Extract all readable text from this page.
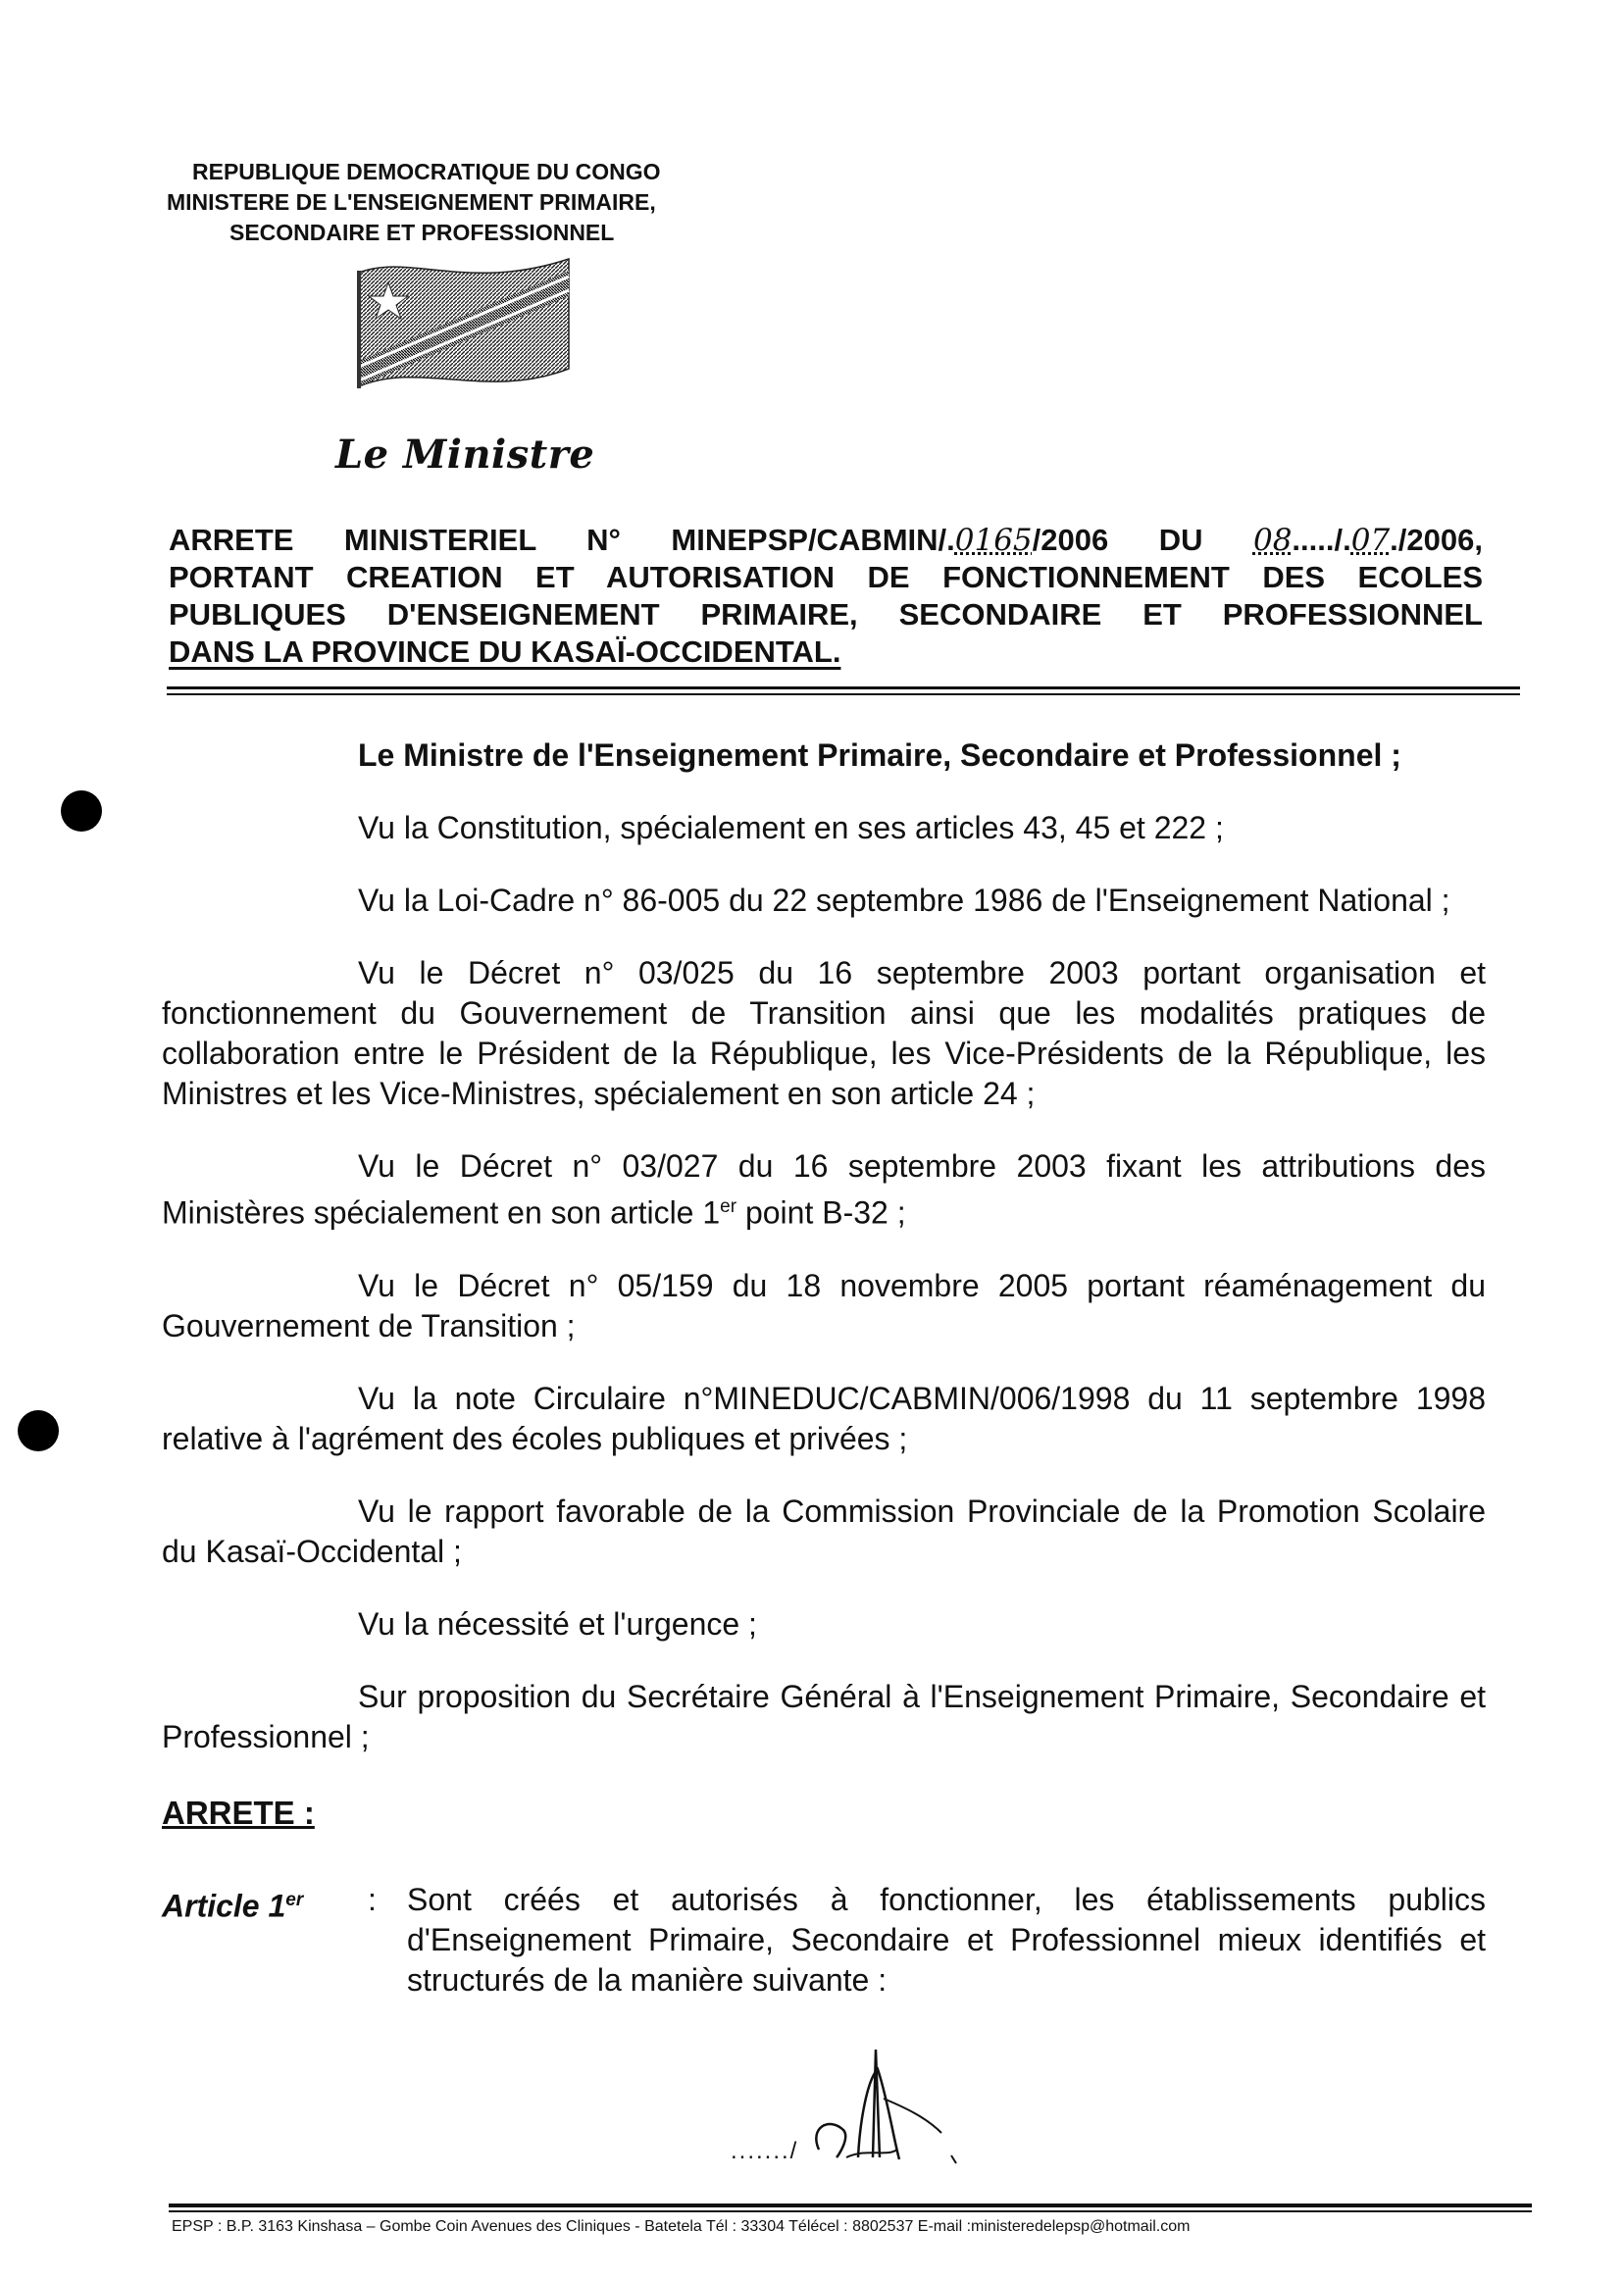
REPUBLIQUE DEMOCRATIQUE DU CONGO
MINISTERE DE L'ENSEIGNEMENT PRIMAIRE,
SECONDAIRE ET PROFESSIONNEL
Le Ministre
ARRETE MINISTERIEL N° MINEPSP/CABMIN/.0165/2006 DU 08...../.07./2006,
PORTANT CREATION ET AUTORISATION DE FONCTIONNEMENT DES ECOLES
PUBLIQUES D'ENSEIGNEMENT PRIMAIRE, SECONDAIRE ET PROFESSIONNEL
DANS LA PROVINCE DU KASAÏ-OCCIDENTAL.

Le Ministre de l'Enseignement Primaire, Secondaire et Professionnel ;

Vu la Constitution, spécialement en ses articles 43, 45 et 222 ;

Vu la Loi-Cadre n° 86-005 du 22 septembre 1986 de l'Enseignement National ;

Vu le Décret n° 03/025 du 16 septembre 2003 portant organisation et fonctionnement du Gouvernement de Transition ainsi que les modalités pratiques de collaboration entre le Président de la République, les Vice-Présidents de la République, les Ministres et les Vice-Ministres, spécialement en son article 24 ;

Vu le Décret n° 03/027 du 16 septembre 2003 fixant les attributions des Ministères spécialement en son article 1er point B-32 ;

Vu le Décret n° 05/159 du 18 novembre 2005 portant réaménagement du Gouvernement de Transition ;

Vu la note Circulaire n°MINEDUC/CABMIN/006/1998 du 11 septembre 1998 relative à l'agrément des écoles publiques et privées ;

Vu le rapport favorable de la Commission Provinciale de la Promotion Scolaire du Kasaï-Occidental ;

Vu la nécessité et l'urgence ;

Sur proposition du Secrétaire Général à l'Enseignement Primaire, Secondaire et Professionnel ;

ARRETE :
Article 1er	: Sont créés et autorisés à fonctionner, les établissements publics d'Enseignement Primaire, Secondaire et Professionnel mieux identifiés et structurés de la manière suivante :
......./
EPSP : B.P. 3163 Kinshasa – Gombe Coin Avenues des Cliniques - Batetela Tél : 33304 Télécel : 8802537 E-mail :ministeredelepsp@hotmail.com
